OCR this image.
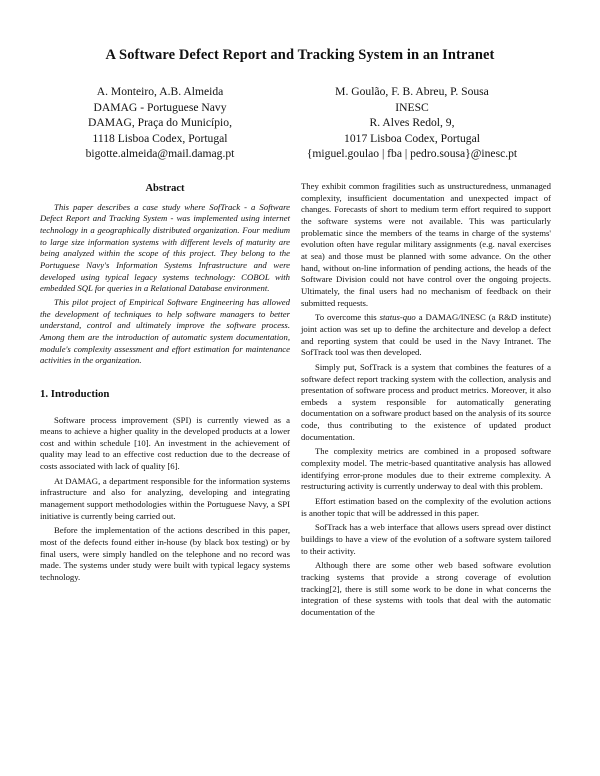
A Software Defect Report and Tracking System in an Intranet
A. Monteiro, A.B. Almeida
DAMAG - Portuguese Navy
DAMAG, Praça do Município,
1118 Lisboa Codex, Portugal
bigotte.almeida@mail.damag.pt
M. Goulão, F. B. Abreu, P. Sousa
INESC
R. Alves Redol, 9,
1017 Lisboa Codex, Portugal
{miguel.goulao | fba | pedro.sousa}@inesc.pt
Abstract

This paper describes a case study where SofTrack - a Software Defect Report and Tracking System - was implemented using internet technology in a geographically distributed organization. Four medium to large size information systems with different levels of maturity are being analyzed within the scope of this project. They belong to the Portuguese Navy's Information Systems Infrastructure and were developed using typical legacy systems technology: COBOL with embedded SQL for queries in a Relational Database environment.

This pilot project of Empirical Software Engineering has allowed the development of techniques to help software managers to better understand, control and ultimately improve the software process. Among them are the introduction of automatic system documentation, module's complexity assessment and effort estimation for maintenance activities in the organization.

1. Introduction

Software process improvement (SPI) is currently viewed as a means to achieve a higher quality in the developed products at a lower cost and within schedule [10]. An investment in the achievement of quality may lead to an effective cost reduction due to the decrease of costs associated with lack of quality [6].

At DAMAG, a department responsible for the information systems infrastructure and also for analyzing, developing and integrating management support methodologies within the Portuguese Navy, a SPI initiative is currently being carried out.

Before the implementation of the actions described in this paper, most of the defects found either in-house (by black box testing) or by final users, were simply handled on the telephone and no record was made. The systems under study were built with typical legacy systems technology.

They exhibit common fragilities such as unstructuredness, unmanaged complexity, insufficient documentation and unexpected impact of changes. Forecasts of short to medium term effort required to support the software systems were not available. This was particularly problematic since the members of the teams in charge of the systems' evolution often have regular military assignments (e.g. naval exercises at sea) and those must be planned with some advance. On the other hand, without on-line information of pending actions, the heads of the Software Division could not have control over the ongoing projects. Ultimately, the final users had no mechanism of feedback on their submitted requests.

To overcome this status-quo a DAMAG/INESC (a R&D institute) joint action was set up to define the architecture and develop a defect and reporting system that could be used in the Navy Intranet. The SofTrack tool was then developed.

Simply put, SofTrack is a system that combines the features of a software defect report tracking system with the collection, analysis and presentation of software process and product metrics. Moreover, it also embeds a system responsible for automatically generating documentation on a software product based on the analysis of its source code, thus contributing to the existence of updated product documentation.

The complexity metrics are combined in a proposed software complexity model. The metric-based quantitative analysis has allowed identifying error-prone modules due to their extreme complexity. A restructuring activity is currently underway to deal with this problem.

Effort estimation based on the complexity of the evolution actions is another topic that will be addressed in this paper.

SofTrack has a web interface that allows users spread over distinct buildings to have a view of the evolution of a software system tailored to their activity.

Although there are some other web based software evolution tracking systems that provide a strong coverage of evolution tracking[2], there is still some work to be done in what concerns the integration of these systems with tools that deal with the automatic documentation of the
